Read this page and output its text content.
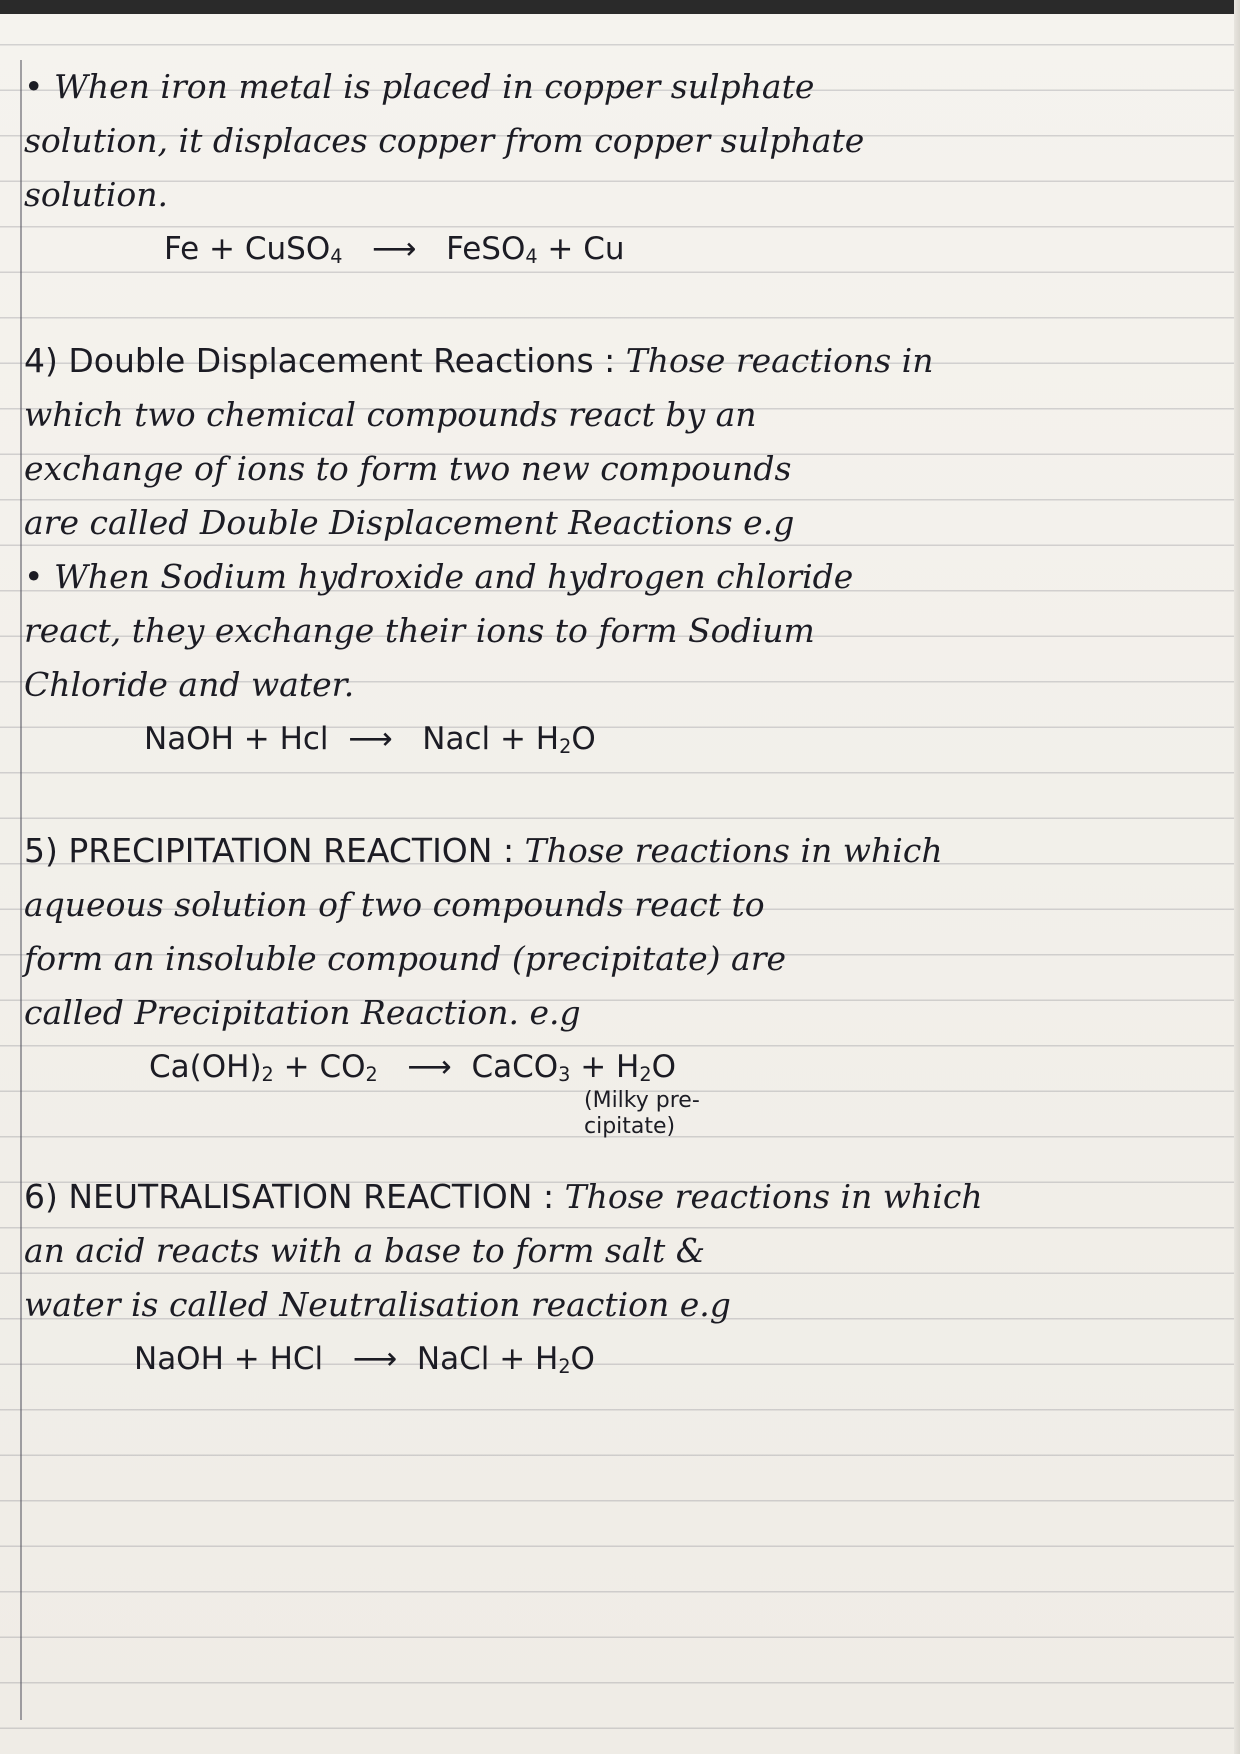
• When iron metal is placed in copper sulphate
solution, it displaces copper from copper sulphate
solution.
Fe + CuSO$_4$ ⟶ FeSO$_4$ + Cu
4) Double Displacement Reactions : Those reactions in
which two chemical compounds react by an
exchange of ions to form two new compounds
are called Double Displacement Reactions e.g
• When Sodium hydroxide and hydrogen chloride
react, they exchange their ions to form Sodium
Chloride and water.
NaOH + Hcl ⟶ Nacl + $H_2O$
5) PRECIPITATION REACTION : Those reactions in which
aqueous solution of two compounds react to
form an insoluble compound (precipitate) are
called Precipitation Reaction. e.g
$Ca(OH)_2 + CO_2$ ⟶ CaCO$_3$ + $H_2O$
(Milky pre-
cipitate)
6) NEUTRALISATION REACTION : Those reactions in which
an acid reacts with a base to form salt &
water is called Neutralisation reaction e.g
NaOH + HCl ⟶ NaCl + $H_2O$
